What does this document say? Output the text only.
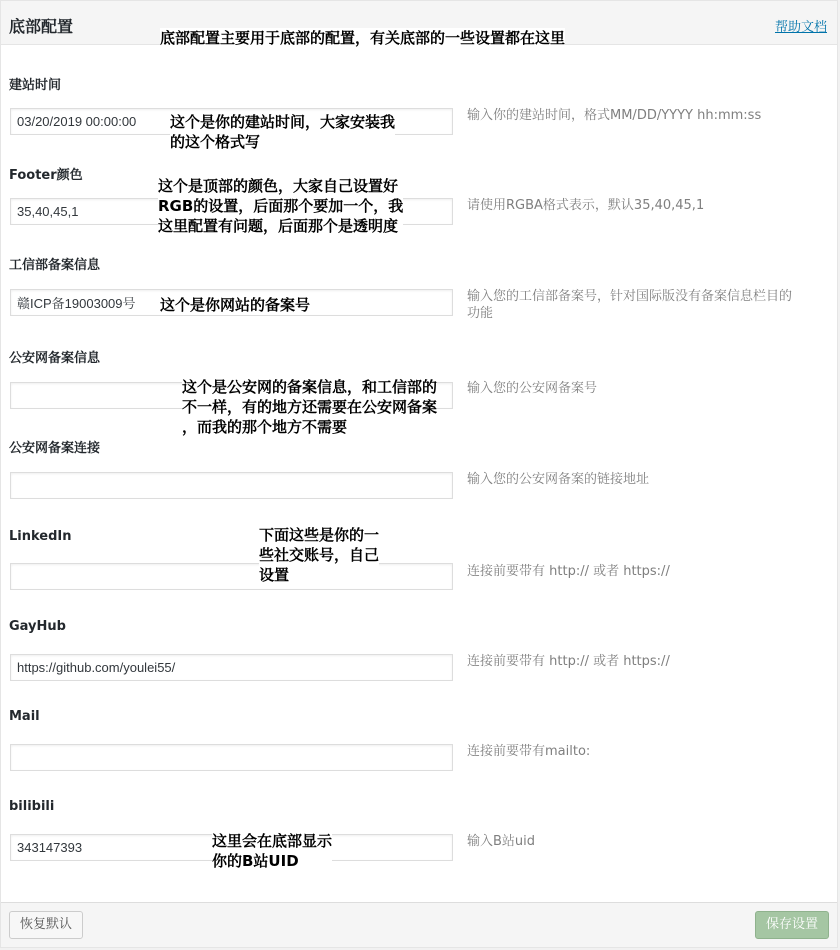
底部配置	帮助文档
建站时间
03/20/2019 00:00:00
输入你的建站时间，格式MM/DD/YYYY hh:mm:ss
Footer颜色
35,40,45,1
请使用RGBA格式表示，默认35,40,45,1
工信部备案信息
赣ICP备19003009号
输入您的工信部备案号，针对国际版没有备案信息栏目的功能
公安网备案信息
输入您的公安网备案号
公安网备案连接
输入您的公安网备案的链接地址
LinkedIn
连接前要带有 http:// 或者 https://
GayHub
https://github.com/youlei55/
连接前要带有 http:// 或者 https://
Mail
连接前要带有mailto:
bilibili
343147393
输入B站uid
恢复默认	保存设置
底部配置主要用于底部的配置，有关底部的一些设置都在这里
这个是你的建站时间，大家安装我
的这个格式写
这个是顶部的颜色，大家自己设置好
RGB的设置，后面那个要加一个，我
这里配置有问题，后面那个是透明度
这个是你网站的备案号
这个是公安网的备案信息，和工信部的
不一样，有的地方还需要在公安网备案
，而我的那个地方不需要
下面这些是你的一
些社交账号，自己
设置
这里会在底部显示
你的B站UID
